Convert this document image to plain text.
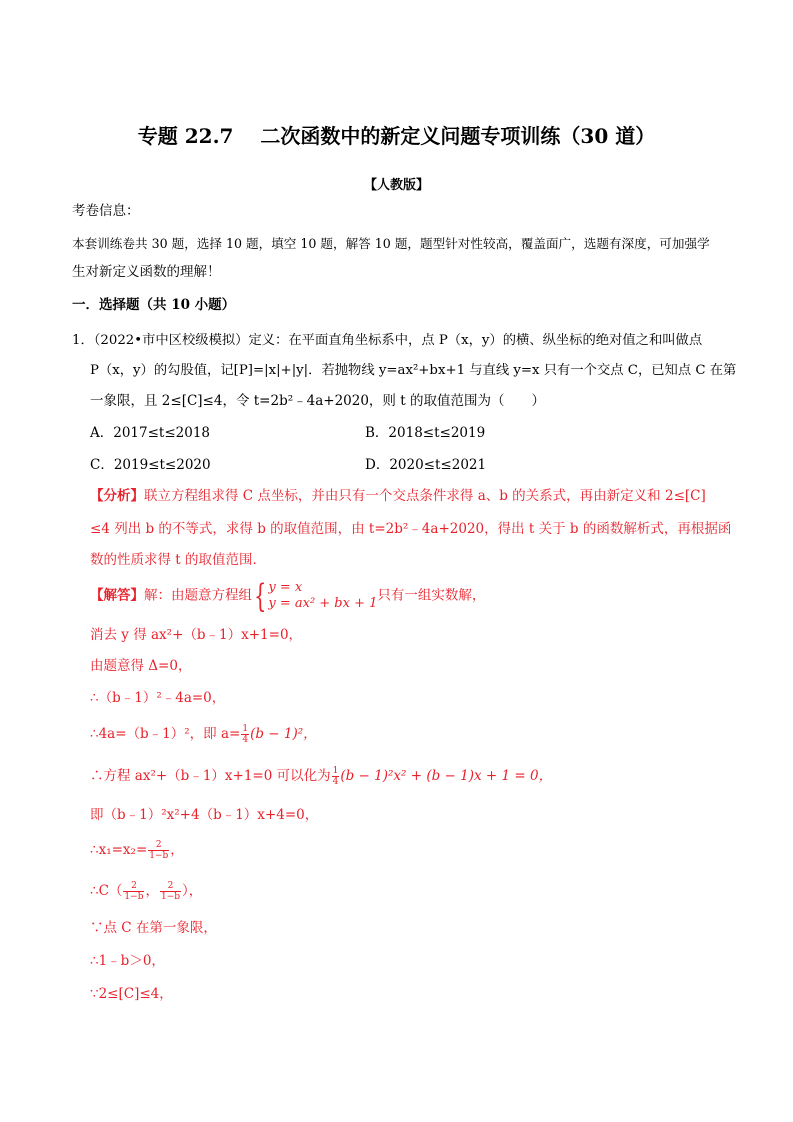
专题 22.7　 二次函数中的新定义问题专项训练（30 道）
【人教版】
考卷信息：
本套训练卷共 30 题，选择 10 题，填空 10 题，解答 10 题，题型针对性较高，覆盖面广，选题有深度，可加强学
生对新定义函数的理解！
一．选择题（共 10 小题）
1．（2022•市中区校级模拟）定义：在平面直角坐标系中，点 P（x，y）的横、纵坐标的绝对值之和叫做点
P（x，y）的勾股值，记[P]=|x|+|y|．若抛物线 y=ax²+bx+1 与直线 y=x 只有一个交点 C，已知点 C 在第
一象限，且 2≤[C]≤4，令 t=2b²﹣4a+2020，则 t 的取值范围为（　　）
A．2017≤t≤2018	B．2018≤t≤2019
C．2019≤t≤2020	D．2020≤t≤2021
【分析】联立方程组求得 C 点坐标，并由只有一个交点条件求得 a、b 的关系式，再由新定义和 2≤[C]
≤4 列出 b 的不等式，求得 b 的取值范围，由 t=2b²﹣4a+2020，得出 t 关于 b 的函数解析式，再根据函
数的性质求得 t 的取值范围．
【解答】解：由题意方程组{ y = x
y = ax² + bx + 1 只有一组实数解，
消去 y 得 ax²+（b﹣1）x+1=0，
由题意得 Δ=0，
∴（b﹣1）²﹣4a=0，
∴4a=（b﹣1）²，即 $a= \frac{1}{4} (b - 1)^2$，
∴方程 ax²+（b﹣1）x+1=0 可以化为 $\frac{1}{4} (b - 1)^2x^2 + (b - 1)x + 1 = 0$，
即（b﹣1）²x²+4（b﹣1）x+4=0，
∴x₁=x₂= $\frac{2}{1-b}$ ，
∴C（ $\frac{2}{1-b}$ ， $\frac{2}{1-b}$ ），
∵点 C 在第一象限，
∴1﹣b＞0，
∵2≤[C]≤4，
